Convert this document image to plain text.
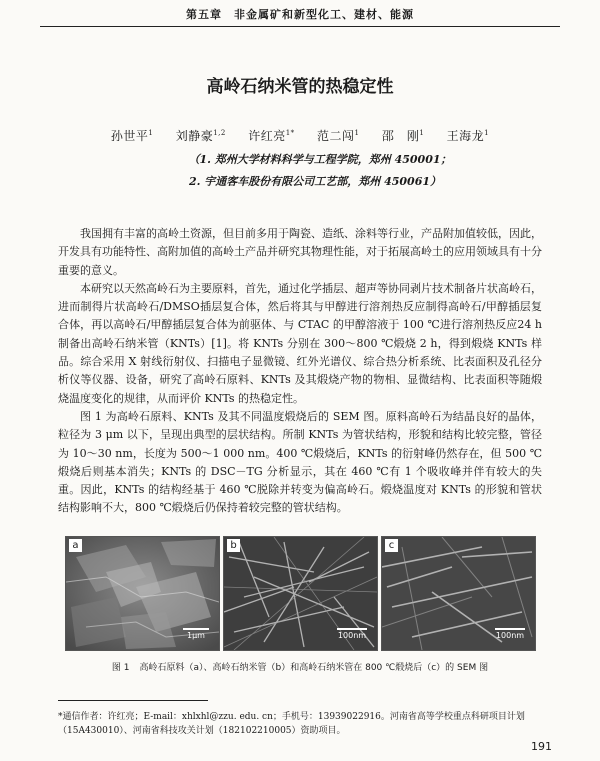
第五章　非金属矿和新型化工、建材、能源
高岭石纳米管的热稳定性
孙世平$^1$ 刘静豪$^{1,2}$ 许红亮$^{1*}$ 范二闯$^1$ 邵　刚$^1$ 王海龙$^1$
（1. 郑州大学材料科学与工程学院，郑州 450001；
2. 宇通客车股份有限公司工艺部，郑州 450061）

我国拥有丰富的高岭土资源，但目前多用于陶瓷、造纸、涂料等行业，产品附加值较低，因此，开发具有功能特性、高附加值的高岭土产品并研究其物理性能，对于拓展高岭土的应用领域具有十分重要的意义。

本研究以天然高岭石为主要原料，首先，通过化学插层、超声等协同剥片技术制备片状高岭石，进而制得片状高岭石/DMSO插层复合体，然后将其与甲醇进行溶剂热反应制得高岭石/甲醇插层复合体，再以高岭石/甲醇插层复合体为前驱体、与 CTAC 的甲醇溶液于 100 ℃进行溶剂热反应24 h制备出高岭石纳米管（KNTs）[1]。将 KNTs 分别在 300～800 ℃煅烧 2 h，得到煅烧 KNTs 样品。综合采用 X 射线衍射仪、扫描电子显微镜、红外光谱仪、综合热分析系统、比表面积及孔径分析仪等仪器、设备，研究了高岭石原料、KNTs 及其煅烧产物的物相、显微结构、比表面积等随煅烧温度变化的规律，从而评价 KNTs 的热稳定性。

图 1 为高岭石原料、KNTs 及其不同温度煅烧后的 SEM 图。原料高岭石为结晶良好的晶体，粒径为 3 μm 以下，呈现出典型的层状结构。所制 KNTs 为管状结构，形貌和结构比较完整，管径为 10～30 nm，长度为 500～1 000 nm。400 ℃煅烧后，KNTs 的衍射峰仍然存在，但 500 ℃煅烧后则基本消失；KNTs 的 DSC－TG 分析显示，其在 460 ℃有 1 个吸收峰并伴有较大的失重。因此，KNTs 的结构经基于 460 ℃脱除并转变为偏高岭石。煅烧温度对 KNTs 的形貌和管状结构影响不大，800 ℃煅烧后仍保持着较完整的管状结构。

a
1μm
b
100nm
c
100nm
图 1 高岭石原料（a）、高岭石纳米管（b）和高岭石纳米管在 800 ℃煅烧后（c）的 SEM 图
*通信作者：许红亮；E-mail：xhlxhl@zzu. edu. cn；手机号：13939022916。河南省高等学校重点科研项目计划
（15A430010）、河南省科技攻关计划（182102210005）资助项目。
191
